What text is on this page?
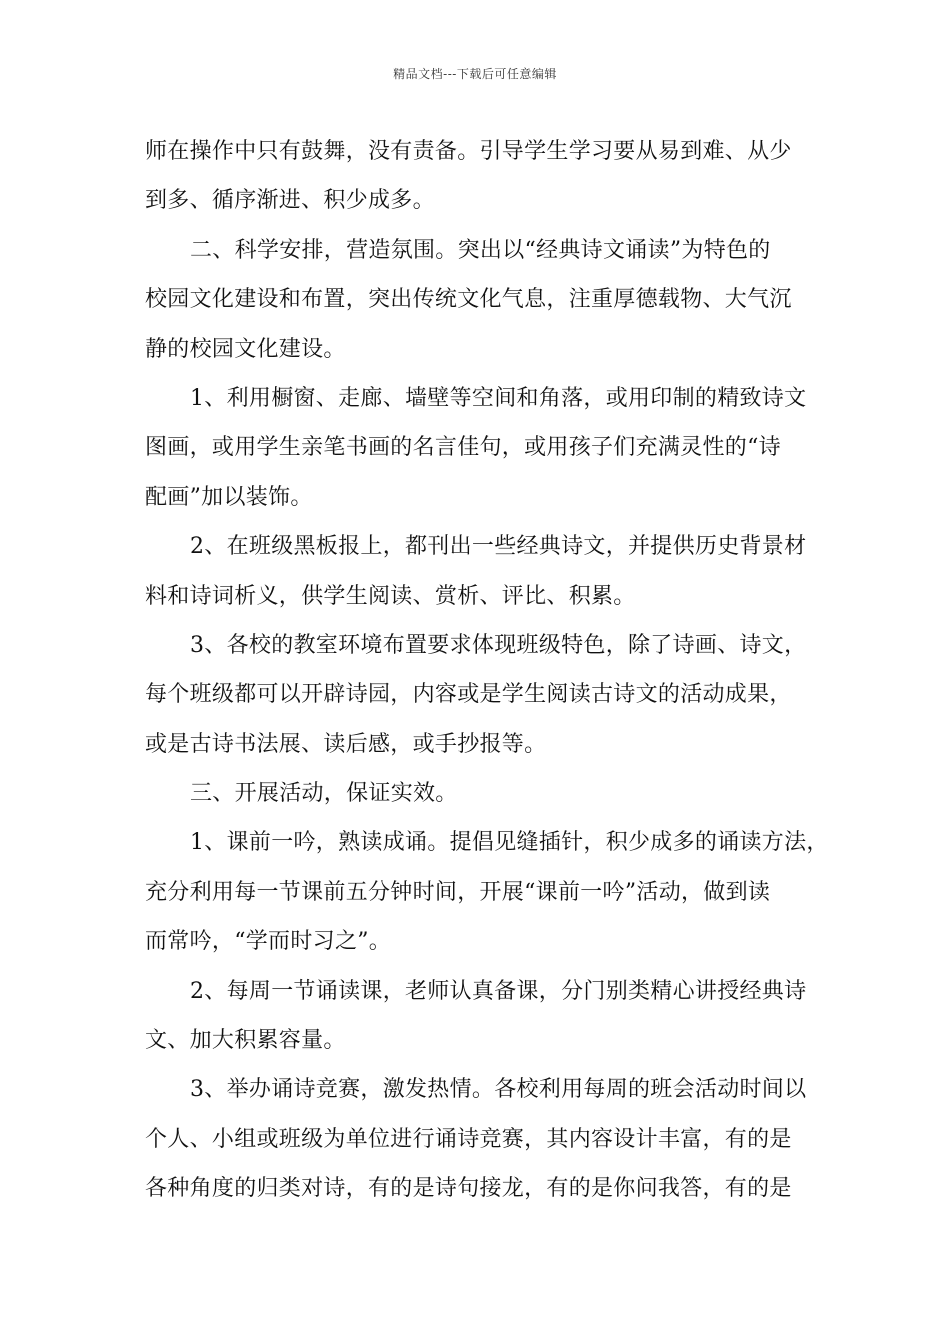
精品文档---下载后可任意编辑
师在操作中只有鼓舞，没有责备。引导学生学习要从易到难、从少
到多、循序渐进、积少成多。
二、科学安排，营造氛围。突出以“经典诗文诵读”为特色的
校园文化建设和布置，突出传统文化气息，注重厚德载物、大气沉
静的校园文化建设。
1、利用橱窗、走廊、墙壁等空间和角落，或用印制的精致诗文
图画，或用学生亲笔书画的名言佳句，或用孩子们充满灵性的“诗
配画”加以装饰。
2、在班级黑板报上，都刊出一些经典诗文，并提供历史背景材
料和诗词析义，供学生阅读、赏析、评比、积累。
3、各校的教室环境布置要求体现班级特色，除了诗画、诗文，
每个班级都可以开辟诗园，内容或是学生阅读古诗文的活动成果，
或是古诗书法展、读后感，或手抄报等。
三、开展活动，保证实效。
1、课前一吟，熟读成诵。提倡见缝插针，积少成多的诵读方法，
充分利用每一节课前五分钟时间，开展“课前一吟”活动，做到读
而常吟，“学而时习之”。
2、每周一节诵读课，老师认真备课，分门别类精心讲授经典诗
文、加大积累容量。
3、举办诵诗竞赛，激发热情。各校利用每周的班会活动时间以
个人、小组或班级为单位进行诵诗竞赛，其内容设计丰富，有的是
各种角度的归类对诗，有的是诗句接龙，有的是你问我答，有的是
